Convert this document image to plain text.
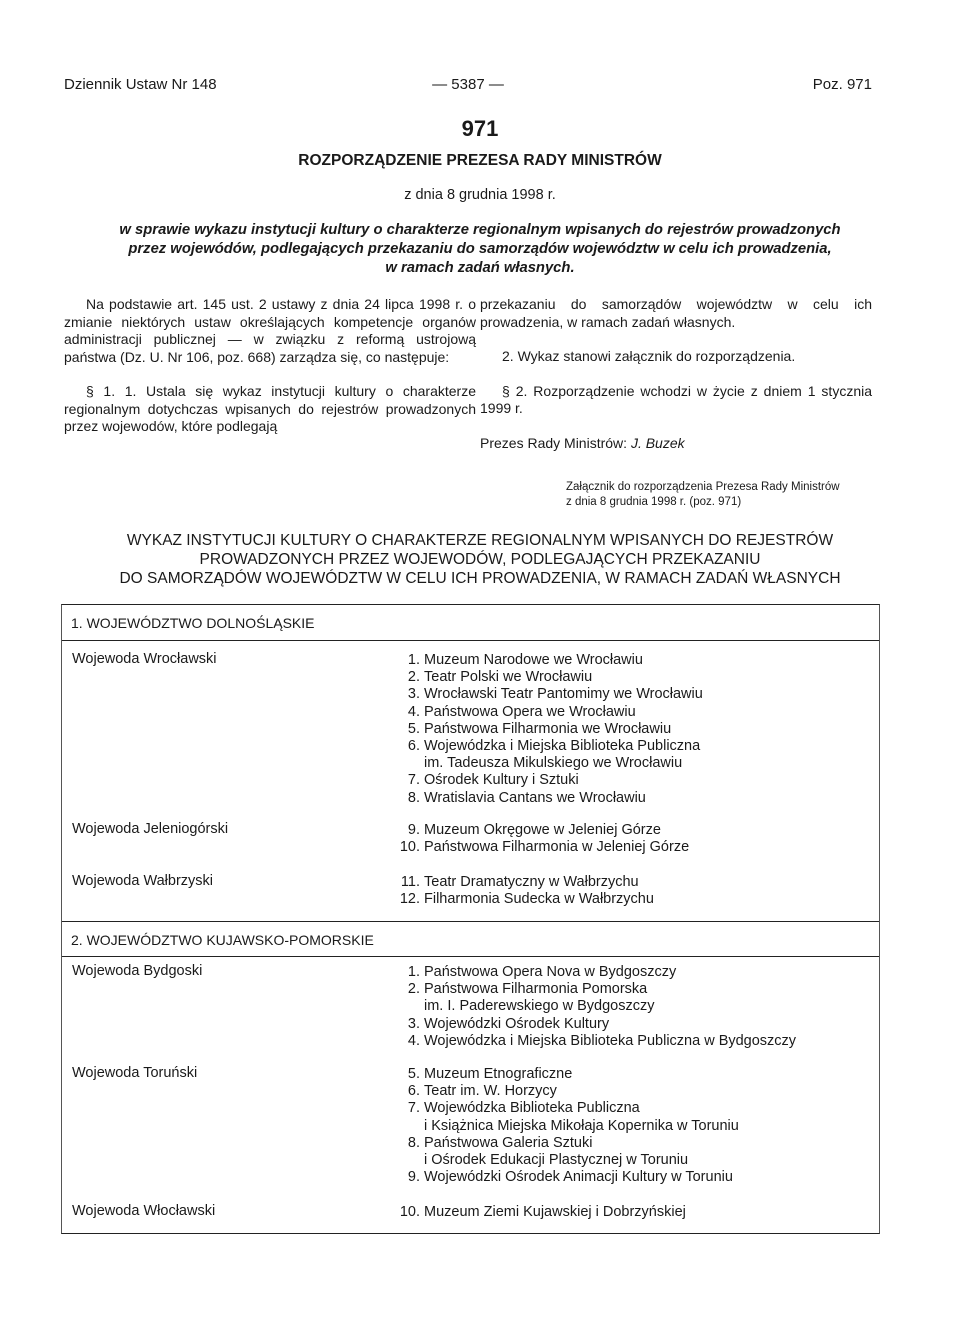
Dziennik Ustaw Nr 148	— 5387 —	Poz. 971
971
ROZPORZĄDZENIE PREZESA RADY MINISTRÓW
z dnia 8 grudnia 1998 r.
w sprawie wykazu instytucji kultury o charakterze regionalnym wpisanych do rejestrów prowadzonych
przez wojewódów, podlegających przekazaniu do samorządów województw w celu ich prowadzenia,
w ramach zadań własnych.

Na podstawie art. 145 ust. 2 ustawy z dnia 24 lipca 1998 r. o zmianie niektórych ustaw określających kompetencje organów administracji publicznej — w związku z reformą ustrojową państwa (Dz. U. Nr 106, poz. 668) zarządza się, co następuje:

§ 1. 1. Ustala się wykaz instytucji kultury o charakterze regionalnym dotychczas wpisanych do rejestrów prowadzonych przez wojewodów, które podlegają

przekazaniu do samorządów województw w celu ich prowadzenia, w ramach zadań własnych.

2. Wykaz stanowi załącznik do rozporządzenia.

§ 2. Rozporządzenie wchodzi w życie z dniem 1 stycznia 1999 r.

Prezes Rady Ministrów: J. Buzek

Załącznik do rozporządzenia Prezesa Rady Ministrów
z dnia 8 grudnia 1998 r. (poz. 971)
WYKAZ INSTYTUCJI KULTURY O CHARAKTERZE REGIONALNYM WPISANYCH DO REJESTRÓW
PROWADZONYCH PRZEZ WOJEWODÓW, PODLEGAJĄCYCH PRZEKAZANIU
DO SAMORZĄDÓW WOJEWÓDZTW W CELU ICH PROWADZENIA, W RAMACH ZADAŃ WŁASNYCH
1. WOJEWÓDZTWO DOLNOŚLĄSKIE
Wojewoda Wrocławski	1. Muzeum Narodowe we Wrocławiu
2. Teatr Polski we Wrocławiu
3. Wrocławski Teatr Pantomimy we Wrocławiu
4. Państwowa Opera we Wrocławiu
5. Państwowa Filharmonia we Wrocławiu
6. Wojewódzka i Miejska Biblioteka Publiczna
im. Tadeusza Mikulskiego we Wrocławiu
7. Ośrodek Kultury i Sztuki
8. Wratislavia Cantans we Wrocławiu
Wojewoda Jeleniogórski	9. Muzeum Okręgowe w Jeleniej Górze
10. Państwowa Filharmonia w Jeleniej Górze
Wojewoda Wałbrzyski	11. Teatr Dramatyczny w Wałbrzychu
12. Filharmonia Sudecka w Wałbrzychu
2. WOJEWÓDZTWO KUJAWSKO-POMORSKIE
Wojewoda Bydgoski	1. Państwowa Opera Nova w Bydgoszczy
2. Państwowa Filharmonia Pomorska
im. I. Paderewskiego w Bydgoszczy
3. Wojewódzki Ośrodek Kultury
4. Wojewódzka i Miejska Biblioteka Publiczna w Bydgoszczy
Wojewoda Toruński	5. Muzeum Etnograficzne
6. Teatr im. W. Horzycy
7. Wojewódzka Biblioteka Publiczna
i Książnica Miejska Mikołaja Kopernika w Toruniu
8. Państwowa Galeria Sztuki
i Ośrodek Edukacji Plastycznej w Toruniu
9. Wojewódzki Ośrodek Animacji Kultury w Toruniu
Wojewoda Włocławski	10. Muzeum Ziemi Kujawskiej i Dobrzyńskiej
